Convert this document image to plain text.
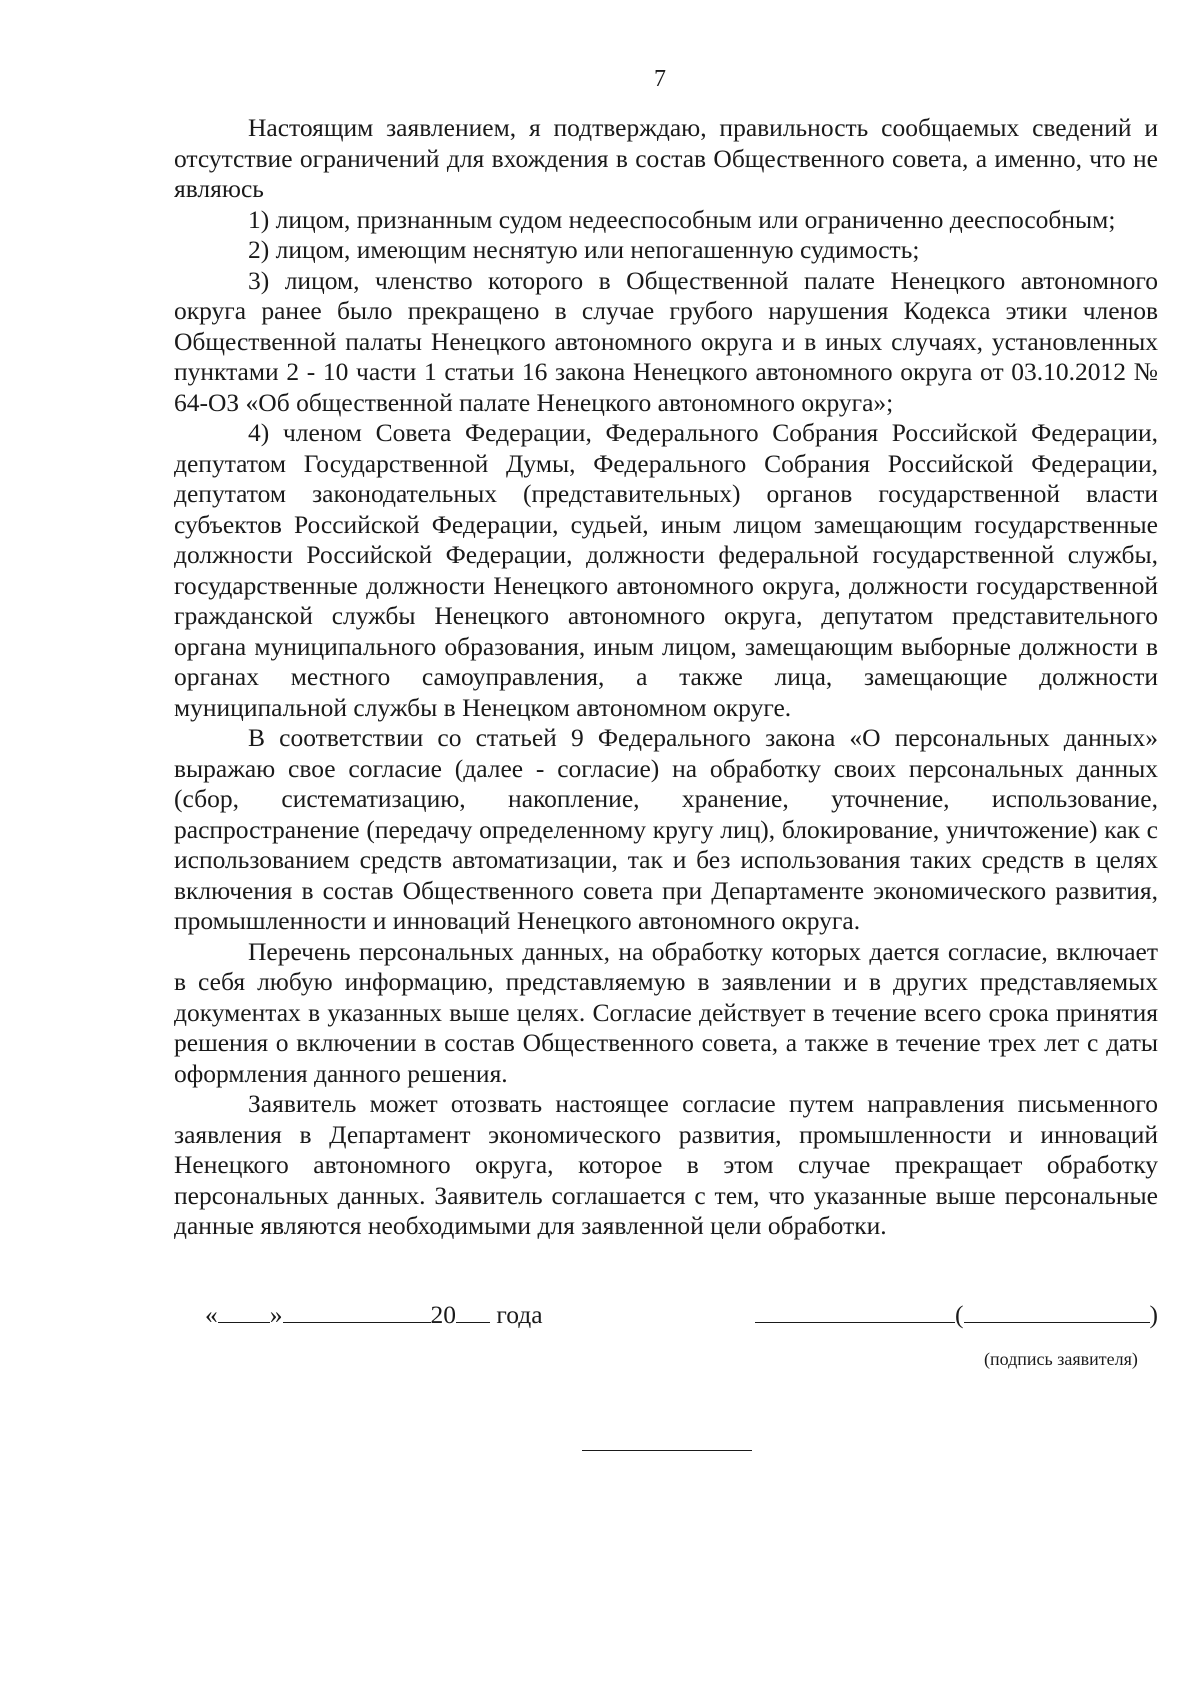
7

Настоящим заявлением, я подтверждаю, правильность сообщаемых сведений и отсутствие ограничений для вхождения в состав Общественного совета, а именно, что не являюсь

1) лицом, признанным судом недееспособным или ограниченно дееспособным;

2) лицом, имеющим неснятую или непогашенную судимость;

3) лицом, членство которого в Общественной палате Ненецкого автономного округа ранее было прекращено в случае грубого нарушения Кодекса этики членов Общественной палаты Ненецкого автономного округа и в иных случаях, установленных пунктами 2 - 10 части 1 статьи 16 закона Ненецкого автономного округа от 03.10.2012 № 64-ОЗ «Об общественной палате Ненецкого автономного округа»;

4) членом Совета Федерации, Федерального Собрания Российской Федерации, депутатом Государственной Думы, Федерального Собрания Российской Федерации, депутатом законодательных (представительных) органов государственной власти субъектов Российской Федерации, судьей, иным лицом замещающим государственные должности Российской Федерации, должности федеральной государственной службы, государственные должности Ненецкого автономного округа, должности государственной гражданской службы Ненецкого автономного округа, депутатом представительного органа муниципального образования, иным лицом, замещающим выборные должности в органах местного самоуправления, а также лица, замещающие должности муниципальной службы в Ненецком автономном округе.

В соответствии со статьей 9 Федерального закона «О персональных данных» выражаю свое согласие (далее - согласие) на обработку своих персональных данных (сбор, систематизацию, накопление, хранение, уточнение, использование, распространение (передачу определенному кругу лиц), блокирование, уничтожение) как с использованием средств автоматизации, так и без использования таких средств в целях включения в состав Общественного совета при Департаменте экономического развития, промышленности и инноваций Ненецкого автономного округа.

Перечень персональных данных, на обработку которых дается согласие, включает в себя любую информацию, представляемую в заявлении и в других представляемых документах в указанных выше целях. Согласие действует в течение всего срока принятия решения о включении в состав Общественного совета, а также в течение трех лет с даты оформления данного решения.

Заявитель может отозвать настоящее согласие путем направления письменного заявления в Департамент экономического развития, промышленности и инноваций Ненецкого автономного округа, которое в этом случае прекращает обработку персональных данных. Заявитель соглашается с тем, что указанные выше персональные данные являются необходимыми для заявленной цели обработки.

« »	20 года	(	)
(подпись заявителя)
